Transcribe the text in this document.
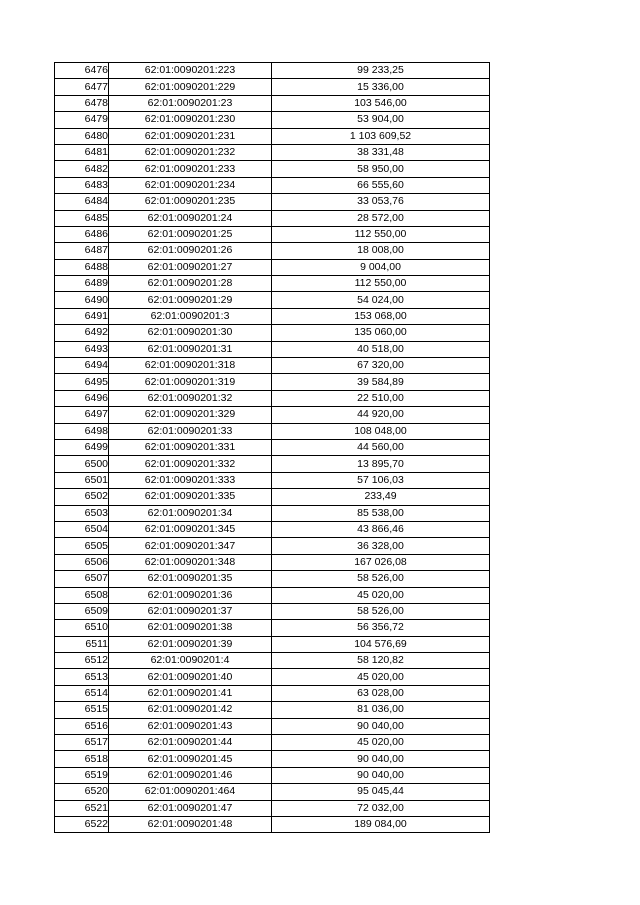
6476	62:01:0090201:223	99 233,25
6477	62:01:0090201:229	15 336,00
6478	62:01:0090201:23	103 546,00
6479	62:01:0090201:230	53 904,00
6480	62:01:0090201:231	1 103 609,52
6481	62:01:0090201:232	38 331,48
6482	62:01:0090201:233	58 950,00
6483	62:01:0090201:234	66 555,60
6484	62:01:0090201:235	33 053,76
6485	62:01:0090201:24	28 572,00
6486	62:01:0090201:25	112 550,00
6487	62:01:0090201:26	18 008,00
6488	62:01:0090201:27	9 004,00
6489	62:01:0090201:28	112 550,00
6490	62:01:0090201:29	54 024,00
6491	62:01:0090201:3	153 068,00
6492	62:01:0090201:30	135 060,00
6493	62:01:0090201:31	40 518,00
6494	62:01:0090201:318	67 320,00
6495	62:01:0090201:319	39 584,89
6496	62:01:0090201:32	22 510,00
6497	62:01:0090201:329	44 920,00
6498	62:01:0090201:33	108 048,00
6499	62:01:0090201:331	44 560,00
6500	62:01:0090201:332	13 895,70
6501	62:01:0090201:333	57 106,03
6502	62:01:0090201:335	233,49
6503	62:01:0090201:34	85 538,00
6504	62:01:0090201:345	43 866,46
6505	62:01:0090201:347	36 328,00
6506	62:01:0090201:348	167 026,08
6507	62:01:0090201:35	58 526,00
6508	62:01:0090201:36	45 020,00
6509	62:01:0090201:37	58 526,00
6510	62:01:0090201:38	56 356,72
6511	62:01:0090201:39	104 576,69
6512	62:01:0090201:4	58 120,82
6513	62:01:0090201:40	45 020,00
6514	62:01:0090201:41	63 028,00
6515	62:01:0090201:42	81 036,00
6516	62:01:0090201:43	90 040,00
6517	62:01:0090201:44	45 020,00
6518	62:01:0090201:45	90 040,00
6519	62:01:0090201:46	90 040,00
6520	62:01:0090201:464	95 045,44
6521	62:01:0090201:47	72 032,00
6522	62:01:0090201:48	189 084,00
